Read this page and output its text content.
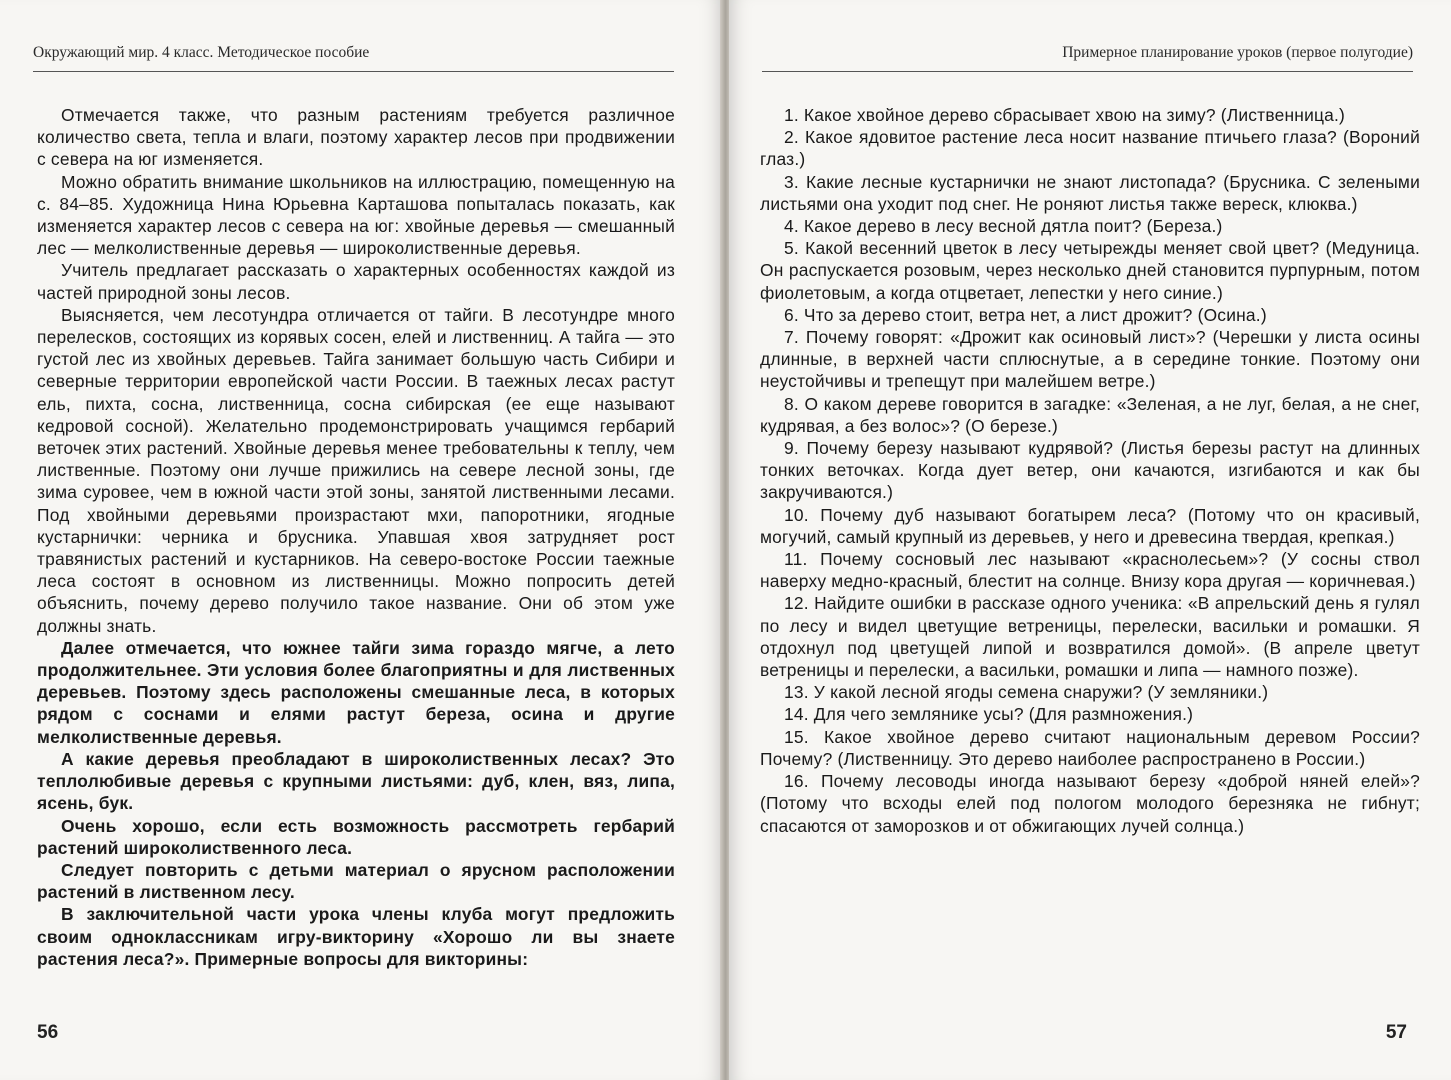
Окружающий мир. 4 класс. Методическое пособие

Отмечается также, что разным растениям требуется различное количество света, тепла и влаги, поэтому характер лесов при продвижении с севера на юг изменяется.

Можно обратить внимание школьников на иллюстрацию, помещенную на с. 84–85. Художница Нина Юрьевна Карташова попыталась показать, как изменяется характер лесов с севера на юг: хвойные деревья — смешанный лес — мелколиственные деревья — широколиственные деревья.

Учитель предлагает рассказать о характерных особенностях каждой из частей природной зоны лесов.

Выясняется, чем лесотундра отличается от тайги. В лесотундре много перелесков, состоящих из корявых сосен, елей и лиственниц. А тайга — это густой лес из хвойных деревьев. Тайга занимает большую часть Сибири и северные территории европейской части России. В таежных лесах растут ель, пихта, сосна, лиственница, сосна сибирская (ее еще называют кедровой сосной). Желательно продемонстрировать учащимся гербарий веточек этих растений. Хвойные деревья менее требовательны к теплу, чем лиственные. Поэтому они лучше прижились на севере лесной зоны, где зима суровее, чем в южной части этой зоны, занятой лиственными лесами. Под хвойными деревьями произрастают мхи, папоротники, ягодные кустарнички: черника и брусника. Упавшая хвоя затрудняет рост травянистых растений и кустарников. На северо-востоке России таежные леса состоят в основном из лиственницы. Можно попросить детей объяснить, почему дерево получило такое название. Они об этом уже должны знать.

Далее отмечается, что южнее тайги зима гораздо мягче, а лето продолжительнее. Эти условия более благоприятны и для лиственных деревьев. Поэтому здесь расположены смешанные леса, в которых рядом с соснами и елями растут береза, осина и другие мелколиственные деревья.

А какие деревья преобладают в широколиственных лесах? Это теплолюбивые деревья с крупными листьями: дуб, клен, вяз, липа, ясень, бук.

Очень хорошо, если есть возможность рассмотреть гербарий растений широколиственного леса.

Следует повторить с детьми материал о ярусном расположении растений в лиственном лесу.

В заключительной части урока члены клуба могут предложить своим одноклассникам игру-викторину «Хорошо ли вы знаете растения леса?». Примерные вопросы для викторины:

56
Примерное планирование уроков (первое полугодие)

1. Какое хвойное дерево сбрасывает хвою на зиму? (Лиственница.)

2. Какое ядовитое растение леса носит название птичьего глаза? (Вороний глаз.)

3. Какие лесные кустарнички не знают листопада? (Брусника. С зелеными листьями она уходит под снег. Не роняют листья также вереск, клюква.)

4. Какое дерево в лесу весной дятла поит? (Береза.)

5. Какой весенний цветок в лесу четырежды меняет свой цвет? (Медуница. Он распускается розовым, через несколько дней становится пурпурным, потом фиолетовым, а когда отцветает, лепестки у него синие.)

6. Что за дерево стоит, ветра нет, а лист дрожит? (Осина.)

7. Почему говорят: «Дрожит как осиновый лист»? (Черешки у листа осины длинные, в верхней части сплюснутые, а в середине тонкие. Поэтому они неустойчивы и трепещут при малейшем ветре.)

8. О каком дереве говорится в загадке: «Зеленая, а не луг, белая, а не снег, кудрявая, а без волос»? (О березе.)

9. Почему березу называют кудрявой? (Листья березы растут на длинных тонких веточках. Когда дует ветер, они качаются, изгибаются и как бы закручиваются.)

10. Почему дуб называют богатырем леса? (Потому что он красивый, могучий, самый крупный из деревьев, у него и древесина твердая, крепкая.)

11. Почему сосновый лес называют «краснолесьем»? (У сосны ствол наверху медно-красный, блестит на солнце. Внизу кора другая — коричневая.)

12. Найдите ошибки в рассказе одного ученика: «В апрельский день я гулял по лесу и видел цветущие ветреницы, перелески, васильки и ромашки. Я отдохнул под цветущей липой и возвратился домой». (В апреле цветут ветреницы и перелески, а васильки, ромашки и липа — намного позже).

13. У какой лесной ягоды семена снаружи? (У земляники.)

14. Для чего землянике усы? (Для размножения.)

15. Какое хвойное дерево считают национальным деревом России? Почему? (Лиственницу. Это дерево наиболее распространено в России.)

16. Почему лесоводы иногда называют березу «доброй няней елей»? (Потому что всходы елей под пологом молодого березняка не гибнут; спасаются от заморозков и от обжигающих лучей солнца.)

57
